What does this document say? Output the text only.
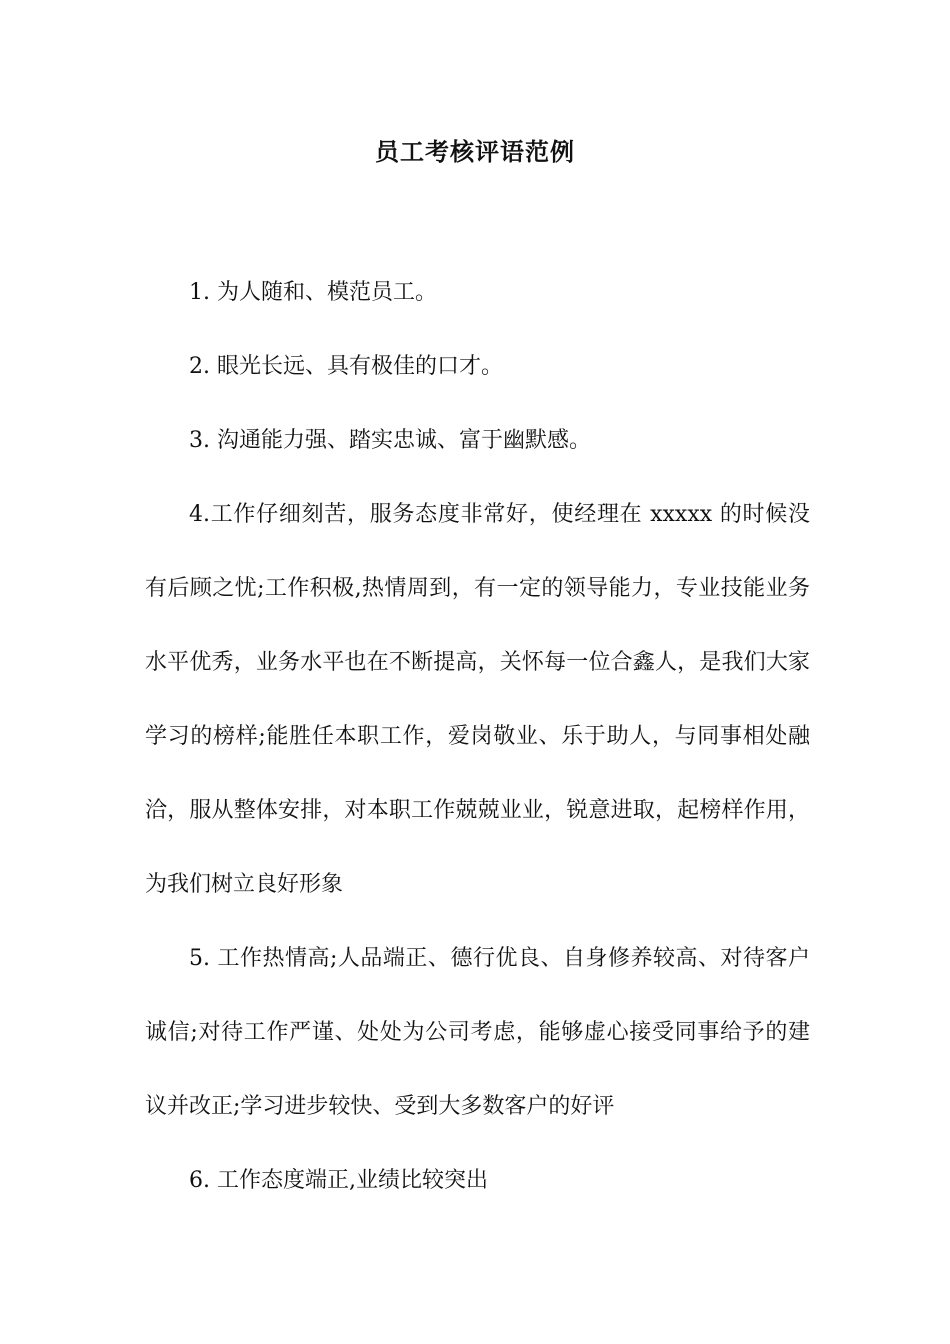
员工考核评语范例

1. 为人随和、模范员工。

2. 眼光长远、具有极佳的口才。

3. 沟通能力强、踏实忠诚、富于幽默感。

4.工作仔细刻苦，服务态度非常好，使经理在 xxxxx 的时候没有后顾之忧;工作积极,热情周到，有一定的领导能力，专业技能业务水平优秀，业务水平也在不断提高，关怀每一位合鑫人，是我们大家学习的榜样;能胜任本职工作，爱岗敬业、乐于助人，与同事相处融洽，服从整体安排，对本职工作兢兢业业，锐意进取，起榜样作用，为我们树立良好形象

5. 工作热情高;人品端正、德行优良、自身修养较高、对待客户诚信;对待工作严谨、处处为公司考虑，能够虚心接受同事给予的建议并改正;学习进步较快、受到大多数客户的好评

6. 工作态度端正,业绩比较突出
